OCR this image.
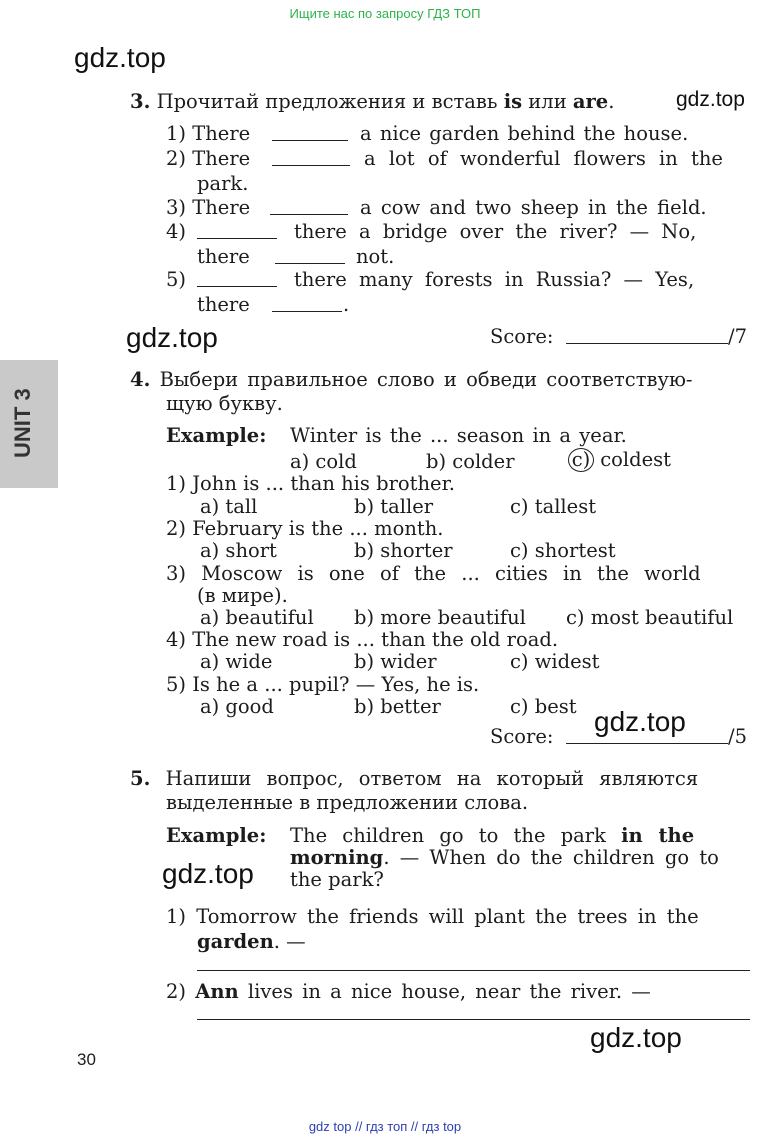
Ищите нас по запросу ГДЗ ТОП
gdz top // гдз топ // гдз top
gdz.top
gdz.top
gdz.top
gdz.top
gdz.top
gdz.top
UNIT 3
3. Прочитай предложения и вставь is или are.
1) There	a nice garden behind the house.
2) There	a lot of wonderful flowers in the
park.
3) There	a cow and two sheep in the field.
4)	there a bridge over the river? — No,
there	not.
5)	there many forests in Russia? — Yes,
there	.
Score:	/7
4. Выбери правильное слово и обведи соответствую-
щую букву.
Example: Winter is the ... season in a year.
a) cold	b) colder	c) coldest
1) John is ... than his brother.
a) tall	b) taller	c) tallest
2) February is the ... month.
a) short	b) shorter	c) shortest
3) Moscow is one of the ... cities in the world
(в мире).
a) beautiful b) more beautiful c) most beautiful
4) The new road is ... than the old road.
a) wide	b) wider	c) widest
5) Is he a ... pupil? — Yes, he is.
a) good	b) better	c) best
Score:	/5
5. Напиши вопрос, ответом на который являются
выделенные в предложении слова.
Example: The children go to the park in the
morning. — When do the children go to
the park?
1) Tomorrow the friends will plant the trees in the
garden. —
2) Ann lives in a nice house, near the river. —
30
